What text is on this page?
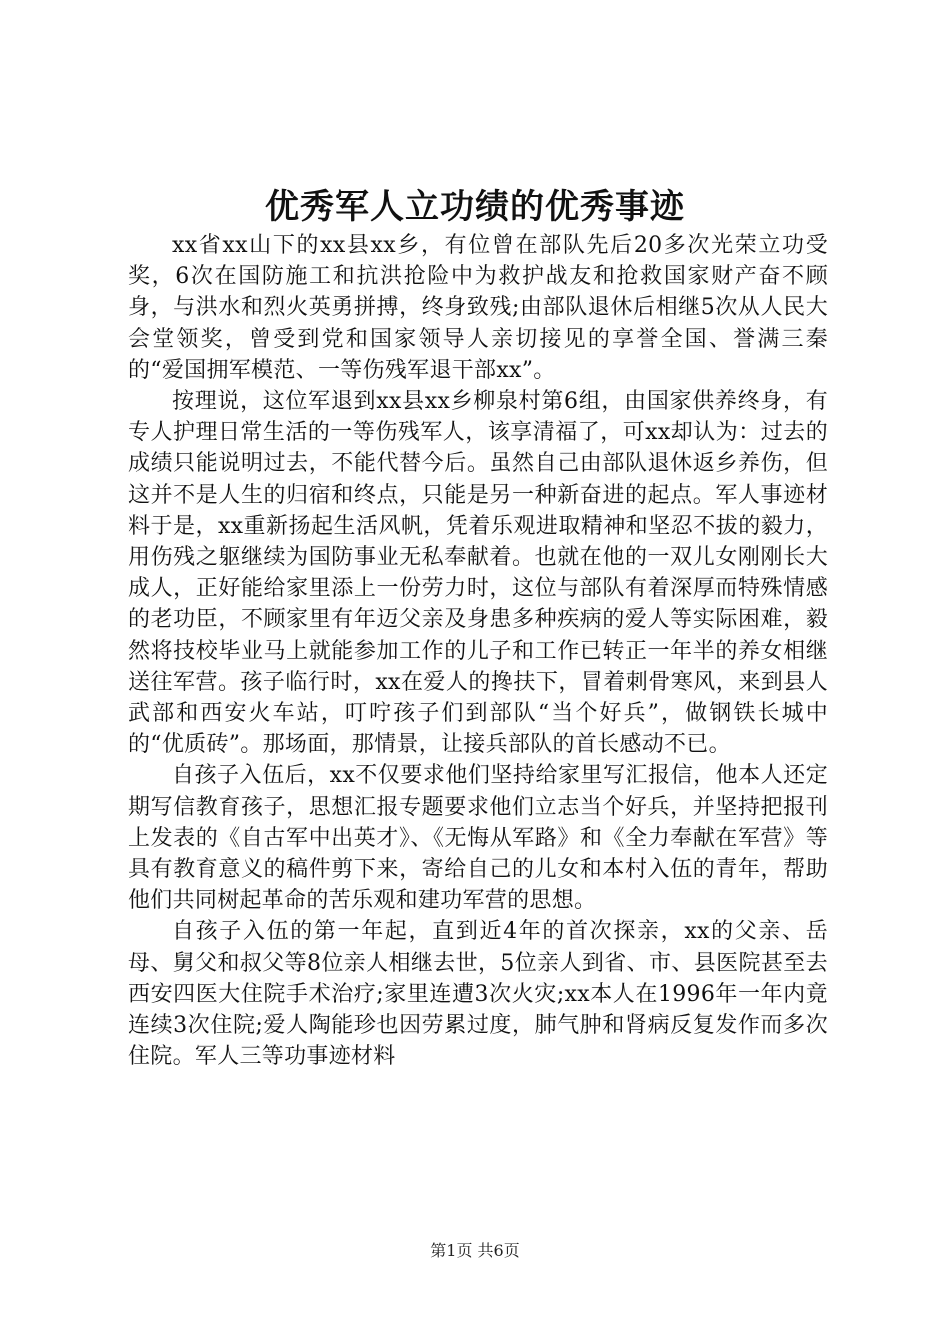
优秀军人立功绩的优秀事迹

xx省xx山下的xx县xx乡，有位曾在部队先后20多次光荣立功受奖，6次在国防施工和抗洪抢险中为救护战友和抢救国家财产奋不顾身，与洪水和烈火英勇拼搏，终身致残;由部队退休后相继5次从人民大会堂领奖，曾受到党和国家领导人亲切接见的享誉全国、誉满三秦的“爱国拥军模范、一等伤残军退干部xx”。

按理说，这位军退到xx县xx乡柳泉村第6组，由国家供养终身，有专人护理日常生活的一等伤残军人，该享清福了，可xx却认为：过去的成绩只能说明过去，不能代替今后。虽然自己由部队退休返乡养伤，但这并不是人生的归宿和终点，只能是另一种新奋进的起点。军人事迹材料于是，xx重新扬起生活风帆，凭着乐观进取精神和坚忍不拔的毅力，用伤残之躯继续为国防事业无私奉献着。也就在他的一双儿女刚刚长大成人，正好能给家里添上一份劳力时，这位与部队有着深厚而特殊情感的老功臣，不顾家里有年迈父亲及身患多种疾病的爱人等实际困难，毅然将技校毕业马上就能参加工作的儿子和工作已转正一年半的养女相继送往军营。孩子临行时，xx在爱人的搀扶下，冒着刺骨寒风，来到县人武部和西安火车站，叮咛孩子们到部队“当个好兵”，做钢铁长城中的“优质砖”。那场面，那情景，让接兵部队的首长感动不已。

自孩子入伍后，xx不仅要求他们坚持给家里写汇报信，他本人还定期写信教育孩子，思想汇报专题要求他们立志当个好兵，并坚持把报刊上发表的《自古军中出英才》、《无悔从军路》和《全力奉献在军营》等具有教育意义的稿件剪下来，寄给自己的儿女和本村入伍的青年，帮助他们共同树起革命的苦乐观和建功军营的思想。

自孩子入伍的第一年起，直到近4年的首次探亲，xx的父亲、岳母、舅父和叔父等8位亲人相继去世，5位亲人到省、市、县医院甚至去西安四医大住院手术治疗;家里连遭3次火灾;xx本人在1996年一年内竟连续3次住院;爱人陶能珍也因劳累过度，肺气肿和肾病反复发作而多次住院。军人三等功事迹材料

第1页 共6页
